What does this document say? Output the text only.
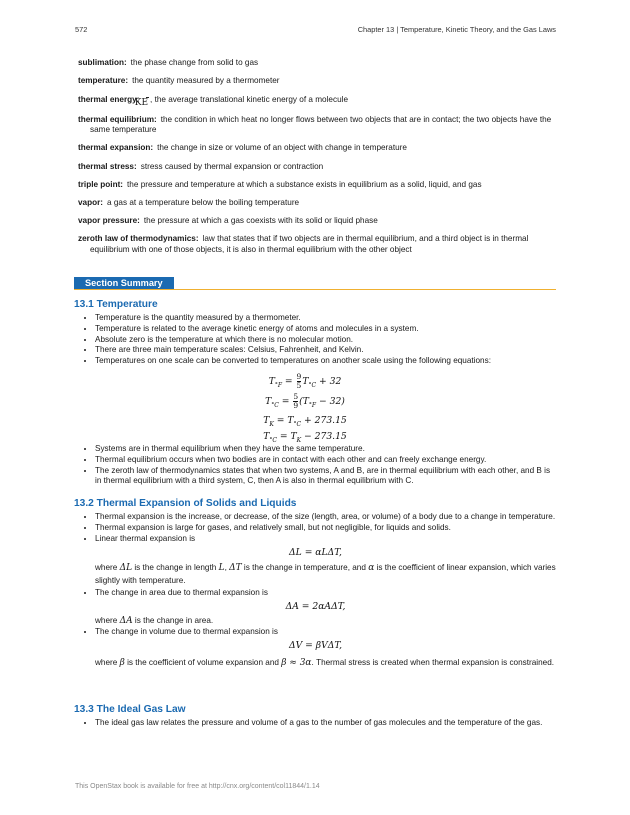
572	Chapter 13 | Temperature, Kinetic Theory, and the Gas Laws
sublimation: the phase change from solid to gas
temperature: the quantity measured by a thermometer
thermal energy: KE , the average translational kinetic energy of a molecule
thermal equilibrium: the condition in which heat no longer flows between two objects that are in contact; the two objects have the same temperature
thermal expansion: the change in size or volume of an object with change in temperature
thermal stress: stress caused by thermal expansion or contraction
triple point: the pressure and temperature at which a substance exists in equilibrium as a solid, liquid, and gas
vapor: a gas at a temperature below the boiling temperature
vapor pressure: the pressure at which a gas coexists with its solid or liquid phase
zeroth law of thermodynamics: law that states that if two objects are in thermal equilibrium, and a third object is in thermal equilibrium with one of those objects, it is also in thermal equilibrium with the other object
Section Summary
13.1 Temperature
• Temperature is the quantity measured by a thermometer.
• Temperature is related to the average kinetic energy of atoms and molecules in a system.
• Absolute zero is the temperature at which there is no molecular motion.
• There are three main temperature scales: Celsius, Fahrenheit, and Kelvin.
• Temperatures on one scale can be converted to temperatures on another scale using the following equations:
$T_{^\circ F} = \frac{9}{5} T_{^\circ C} + 32$
$T_{^\circ C} = \frac{5}{9} (T_{^\circ F} - 32)$
$T_K = T_{^\circ C} + 273.15$
$T_{^\circ C} = T_K - 273.15$
• Systems are in thermal equilibrium when they have the same temperature.
• Thermal equilibrium occurs when two bodies are in contact with each other and can freely exchange energy.
• The zeroth law of thermodynamics states that when two systems, A and B, are in thermal equilibrium with each other, and B is in thermal equilibrium with a third system, C, then A is also in thermal equilibrium with C.
13.2 Thermal Expansion of Solids and Liquids
• Thermal expansion is the increase, or decrease, of the size (length, area, or volume) of a body due to a change in temperature.
• Thermal expansion is large for gases, and relatively small, but not negligible, for liquids and solids.
• Linear thermal expansion is
ΔL = αLΔT,
where ΔL is the change in length L, ΔT is the change in temperature, and α is the coefficient of linear expansion, which varies slightly with temperature.
• The change in area due to thermal expansion is
ΔA = 2αAΔT,
where ΔA is the change in area.
• The change in volume due to thermal expansion is
ΔV = βVΔT,
where β is the coefficient of volume expansion and β ≈ 3α. Thermal stress is created when thermal expansion is constrained.
13.3 The Ideal Gas Law
• The ideal gas law relates the pressure and volume of a gas to the number of gas molecules and the temperature of the gas.
This OpenStax book is available for free at http://cnx.org/content/col11844/1.14
